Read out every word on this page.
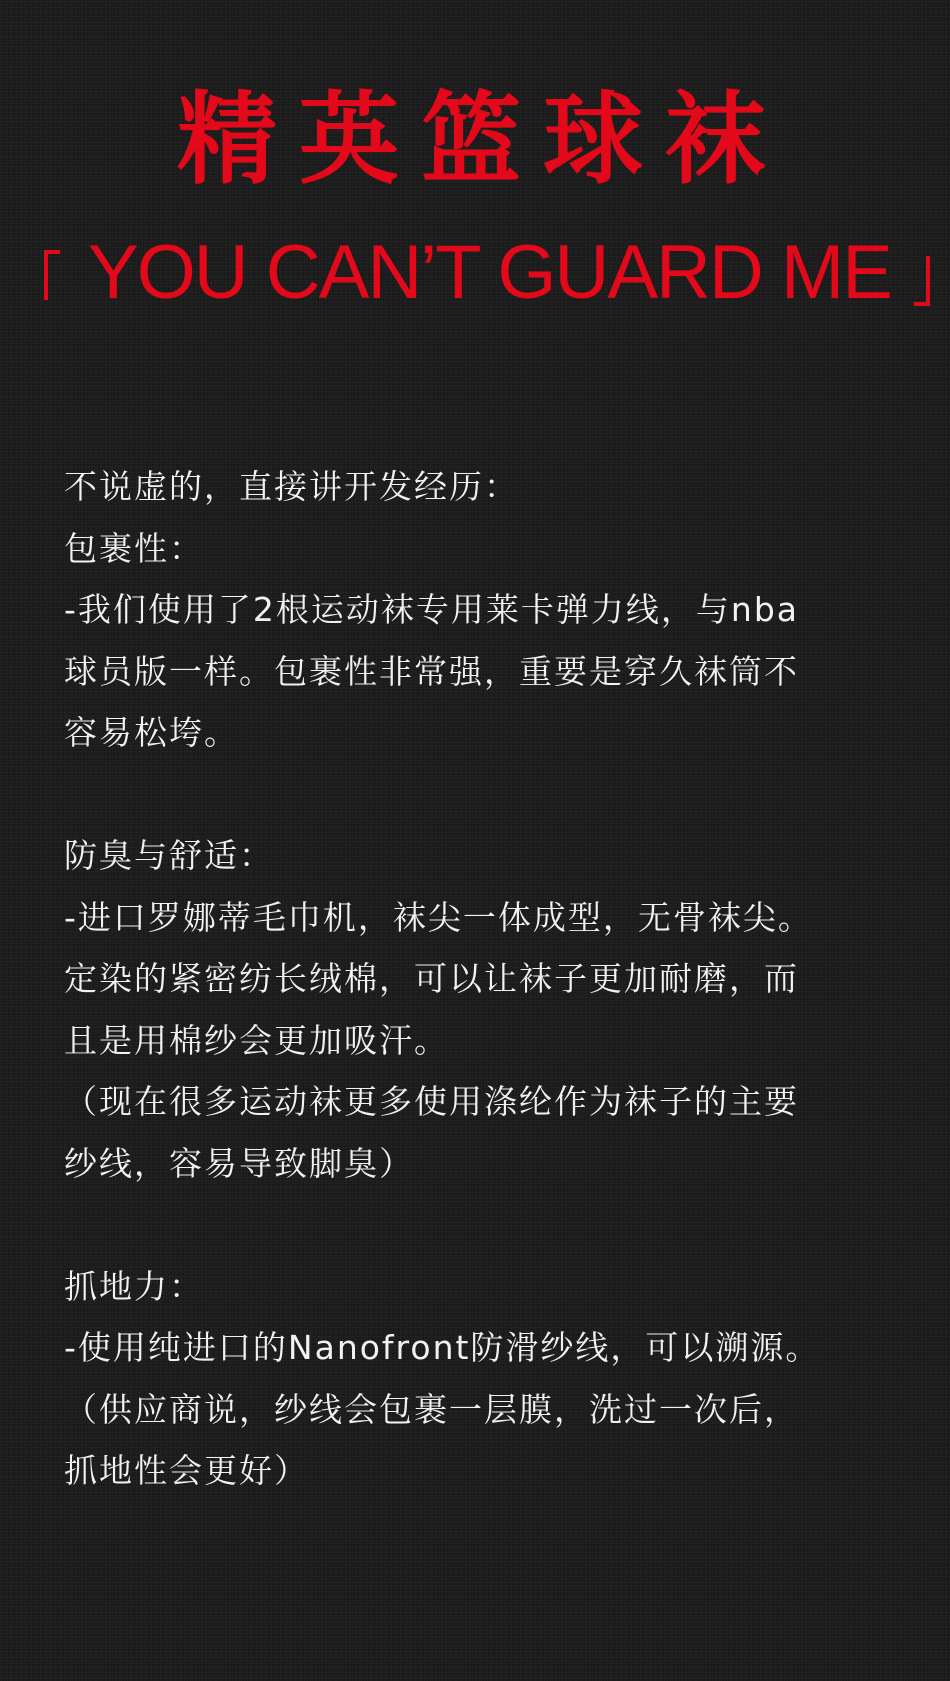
精英篮球袜
YOU CAN’T GUARD ME

不说虚的，直接讲开发经历：

包裹性：

-我们使用了2根运动袜专用莱卡弹力线，与nba

球员版一样。包裹性非常强，重要是穿久袜筒不

容易松垮。

防臭与舒适：

-进口罗娜蒂毛巾机，袜尖一体成型，无骨袜尖。

定染的紧密纺长绒棉，可以让袜子更加耐磨，而

且是用棉纱会更加吸汗。

（现在很多运动袜更多使用涤纶作为袜子的主要

纱线，容易导致脚臭）

抓地力：

-使用纯进口的Nanofront防滑纱线，可以溯源。

（供应商说，纱线会包裹一层膜，洗过一次后，

抓地性会更好）
